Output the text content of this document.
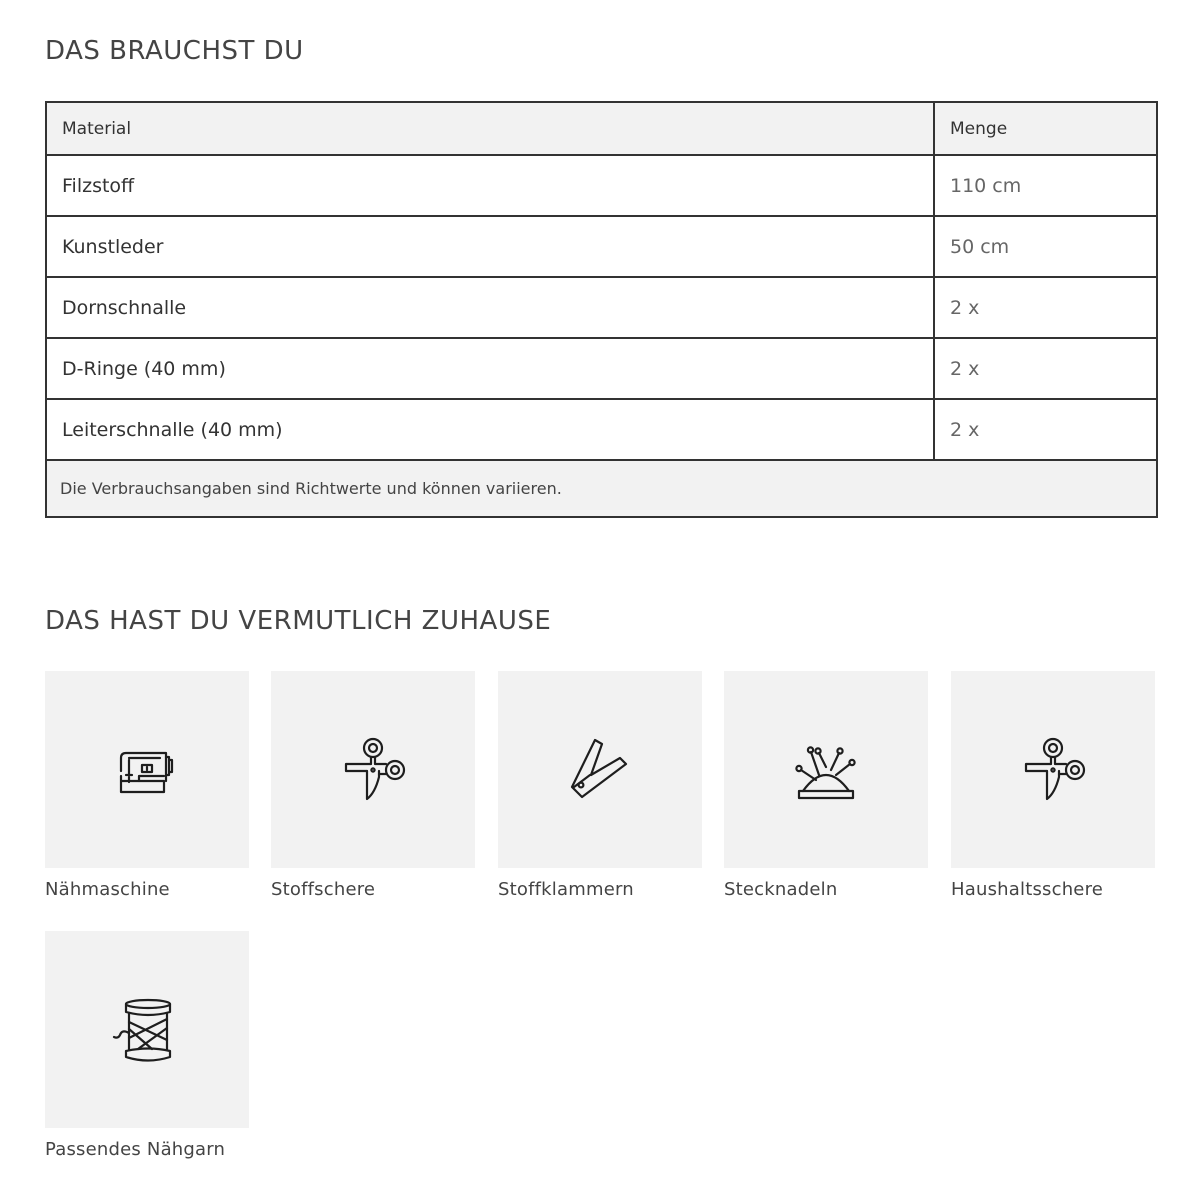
DAS BRAUCHST DU
Material	Menge
Filzstoff	110 cm
Kunstleder	50 cm
Dornschnalle	2 x
D-Ringe (40 mm)	2 x
Leiterschnalle (40 mm)	2 x
Die Verbrauchsangaben sind Richtwerte und können variieren.	
DAS HAST DU VERMUTLICH ZUHAUSE
Nähmaschine	Stoffschere	Stoffklammern	Stecknadeln	Haushaltsschere
Passendes Nähgarn
